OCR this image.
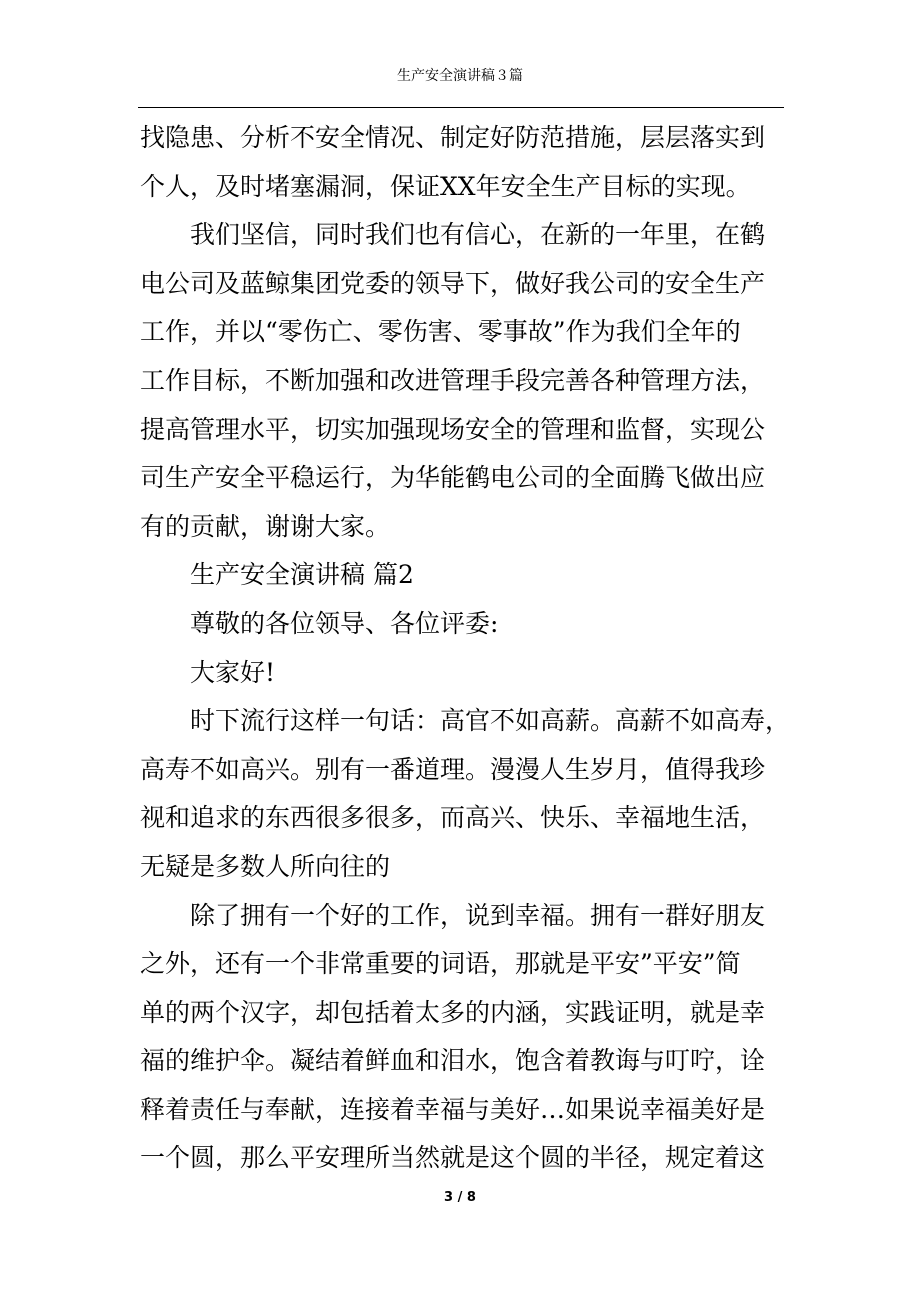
生产安全演讲稿３篇
找隐患、分析不安全情况、制定好防范措施，层层落实到
个人，及时堵塞漏洞，保证XX年安全生产目标的实现。
我们坚信，同时我们也有信心，在新的一年里，在鹤
电公司及蓝鲸集团党委的领导下，做好我公司的安全生产
工作，并以“零伤亡、零伤害、零事故”作为我们全年的
工作目标，不断加强和改进管理手段完善各种管理方法，
提高管理水平，切实加强现场安全的管理和监督，实现公
司生产安全平稳运行，为华能鹤电公司的全面腾飞做出应
有的贡献，谢谢大家。
生产安全演讲稿 篇2
尊敬的各位领导、各位评委:
大家好!
时下流行这样一句话：高官不如高薪。高薪不如高寿，
高寿不如高兴。别有一番道理。漫漫人生岁月，值得我珍
视和追求的东西很多很多，而高兴、快乐、幸福地生活，
无疑是多数人所向往的
除了拥有一个好的工作，说到幸福。拥有一群好朋友
之外，还有一个非常重要的词语，那就是平安”平安”简
单的两个汉字，却包括着太多的内涵，实践证明，就是幸
福的维护伞。凝结着鲜血和泪水，饱含着教诲与叮咛，诠
释着责任与奉献，连接着幸福与美好…如果说幸福美好是
一个圆，那么平安理所当然就是这个圆的半径，规定着这
3 / 8
